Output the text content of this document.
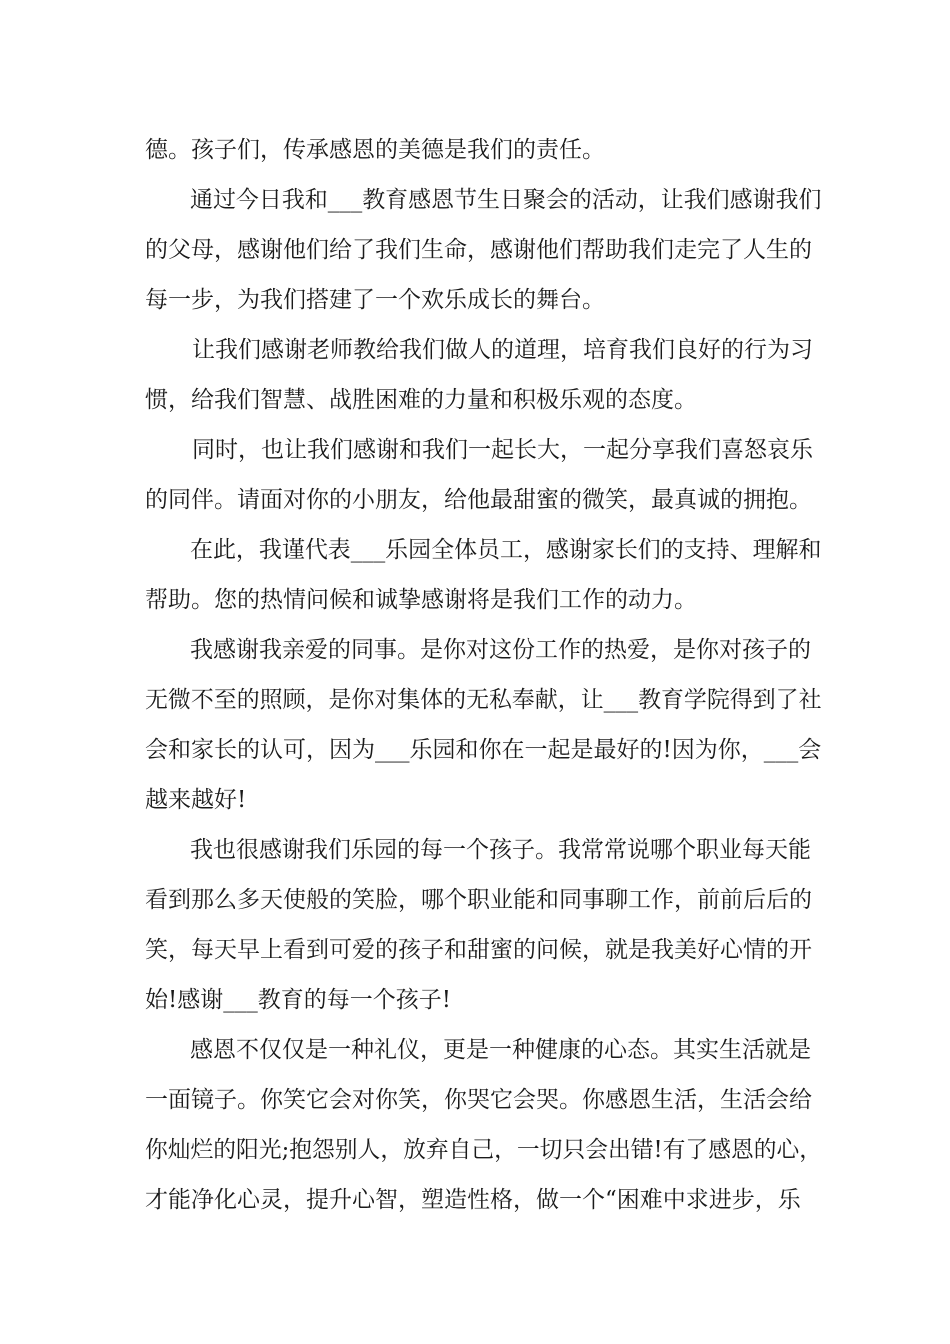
德。孩子们，传承感恩的美德是我们的责任。
通过今日我和___教育感恩节生日聚会的活动，让我们感谢我们
的父母，感谢他们给了我们生命，感谢他们帮助我们走完了人生的
每一步，为我们搭建了一个欢乐成长的舞台。
让我们感谢老师教给我们做人的道理，培育我们良好的行为习
惯，给我们智慧、战胜困难的力量和积极乐观的态度。
同时，也让我们感谢和我们一起长大，一起分享我们喜怒哀乐
的同伴。请面对你的小朋友，给他最甜蜜的微笑，最真诚的拥抱。
在此，我谨代表___乐园全体员工，感谢家长们的支持、理解和
帮助。您的热情问候和诚挚感谢将是我们工作的动力。
我感谢我亲爱的同事。是你对这份工作的热爱，是你对孩子的
无微不至的照顾，是你对集体的无私奉献，让___教育学院得到了社
会和家长的认可，因为___乐园和你在一起是最好的!因为你，___会
越来越好!
我也很感谢我们乐园的每一个孩子。我常常说哪个职业每天能
看到那么多天使般的笑脸，哪个职业能和同事聊工作，前前后后的
笑，每天早上看到可爱的孩子和甜蜜的问候，就是我美好心情的开
始!感谢___教育的每一个孩子!
感恩不仅仅是一种礼仪，更是一种健康的心态。其实生活就是
一面镜子。你笑它会对你笑，你哭它会哭。你感恩生活，生活会给
你灿烂的阳光;抱怨别人，放弃自己，一切只会出错!有了感恩的心，
才能净化心灵，提升心智，塑造性格，做一个“困难中求进步，乐
